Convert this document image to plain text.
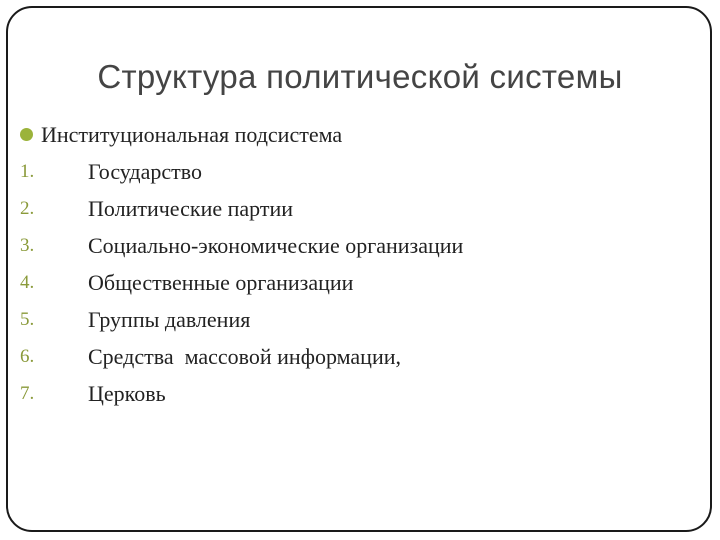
Структура политической системы
Институциональная подсистема
1.	Государство
2.	Политические партии
3.	Социально-экономические организации
4.	Общественные организации
5.	Группы давления
6.	Средства  массовой информации,
7.	Церковь
